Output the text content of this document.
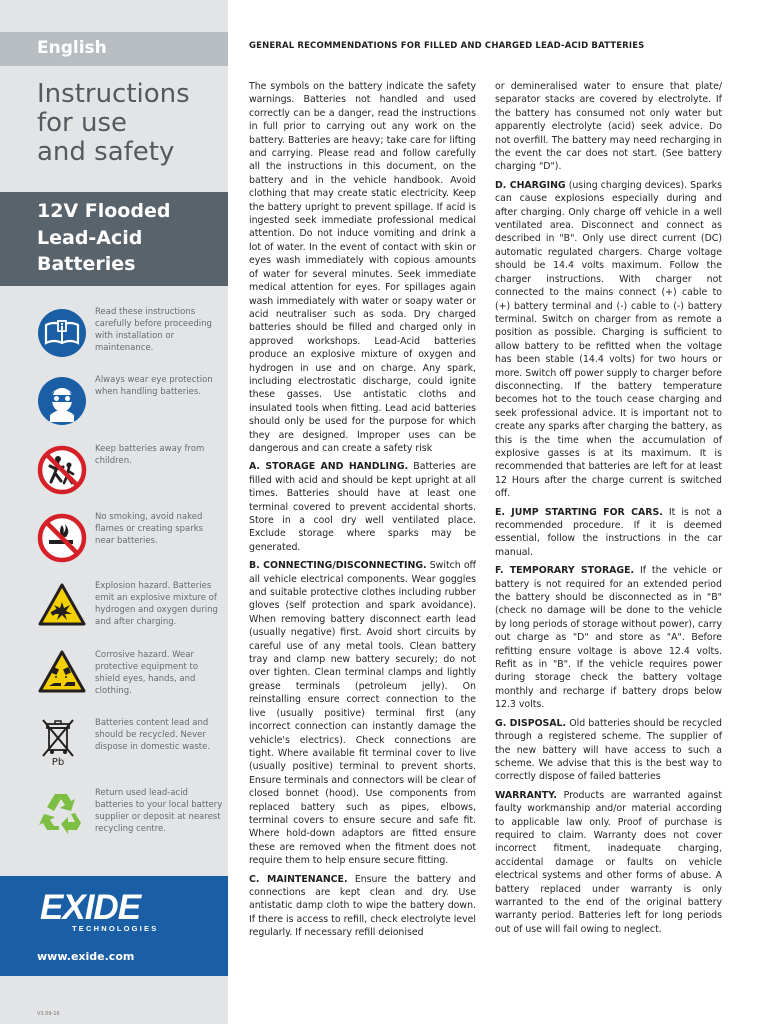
English
Instructions
for use
and safety
12V Flooded
Lead-Acid
Batteries
Read these instructions carefully before proceeding with installation or maintenance.
Always wear eye protection when handling batteries.
Keep batteries away from children.
No smoking, avoid naked flames or creating sparks near batteries.
Explosion hazard. Batteries emit an explosive mixture of hydrogen and oxygen during and after charging.
Corrosive hazard. Wear protective equipment to shield eyes, hands, and clothing.
Pb
Batteries content lead and should be recycled. Never dispose in domestic waste.
Return used lead-acid batteries to your local battery supplier or deposit at nearest recycling centre.
EXIDE
TECHNOLOGIES
www.exide.com
V3.09-16
GENERAL RECOMMENDATIONS FOR FILLED AND CHARGED LEAD-ACID BATTERIES

The symbols on the battery indicate the safety warnings. Batteries not handled and used correctly can be a danger, read the instructions in full prior to carrying out any work on the battery. Batteries are heavy; take care for lifting and carrying. Please read and follow carefully all the instructions in this document, on the battery and in the vehicle handbook. Avoid clothing that may create static electricity. Keep the battery upright to prevent spillage. If acid is ingested seek immediate professional medical attention. Do not induce vomiting and drink a lot of water. In the event of contact with skin or eyes wash immediately with copious amounts of water for several minutes. Seek immediate medical attention for eyes. For spillages again wash immediately with water or soapy water or acid neutraliser such as soda. Dry charged batteries should be filled and charged only in approved workshops. Lead-Acid batteries produce an explosive mixture of oxygen and hydrogen in use and on charge. Any spark, including electrostatic discharge, could ignite these gasses. Use antistatic cloths and insulated tools when fitting. Lead acid batteries should only be used for the purpose for which they are designed. Improper uses can be dangerous and can create a safety risk

A. STORAGE AND HANDLING. Batteries are filled with acid and should be kept upright at all times. Batteries should have at least one terminal covered to prevent accidental shorts. Store in a cool dry well ventilated place. Exclude storage where sparks may be generated.

B. CONNECTING/DISCONNECTING. Switch off all vehicle electrical components. Wear goggles and suitable protective clothes including rubber gloves (self protection and spark avoidance). When removing battery disconnect earth lead (usually negative) first. Avoid short circuits by careful use of any metal tools. Clean battery tray and clamp new battery securely; do not over tighten. Clean terminal clamps and lightly grease terminals (petroleum jelly). On reinstalling ensure correct connection to the live (usually positive) terminal first (any incorrect connection can instantly damage the vehicle's electrics). Check connections are tight. Where available fit terminal cover to live (usually positive) terminal to prevent shorts. Ensure terminals and connectors will be clear of closed bonnet (hood). Use components from replaced battery such as pipes, elbows, terminal covers to ensure secure and safe fit. Where hold-down adaptors are fitted ensure these are removed when the fitment does not require them to help ensure secure fitting.

C. MAINTENANCE. Ensure the battery and connections are kept clean and dry. Use antistatic damp cloth to wipe the battery down. If there is access to refill, check electrolyte level regularly. If necessary refill deionised

or demineralised water to ensure that plate/ separator stacks are covered by electrolyte. If the battery has consumed not only water but apparently electrolyte (acid) seek advice. Do not overfill. The battery may need recharging in the event the car does not start. (See battery charging "D").

D. CHARGING (using charging devices). Sparks can cause explosions especially during and after charging. Only charge off vehicle in a well ventilated area. Disconnect and connect as described in "B". Only use direct current (DC) automatic regulated chargers. Charge voltage should be 14.4 volts maximum. Follow the charger instructions. With charger not connected to the mains connect (+) cable to (+) battery terminal and (-) cable to (-) battery terminal. Switch on charger from as remote a position as possible. Charging is sufficient to allow battery to be refitted when the voltage has been stable (14.4 volts) for two hours or more. Switch off power supply to charger before disconnecting. If the battery temperature becomes hot to the touch cease charging and seek professional advice. It is important not to create any sparks after charging the battery, as this is the time when the accumulation of explosive gasses is at its maximum. It is recommended that batteries are left for at least 12 Hours after the charge current is switched off.

E. JUMP STARTING FOR CARS. It is not a recommended procedure. If it is deemed essential, follow the instructions in the car manual.

F. TEMPORARY STORAGE. If the vehicle or battery is not required for an extended period the battery should be disconnected as in "B" (check no damage will be done to the vehicle by long periods of storage without power), carry out charge as "D" and store as "A". Before refitting ensure voltage is above 12.4 volts. Refit as in "B". If the vehicle requires power during storage check the battery voltage monthly and recharge if battery drops below 12.3 volts.

G. DISPOSAL. Old batteries should be recycled through a registered scheme. The supplier of the new battery will have access to such a scheme. We advise that this is the best way to correctly dispose of failed batteries

WARRANTY. Products are warranted against faulty workmanship and/or material according to applicable law only. Proof of purchase is required to claim. Warranty does not cover incorrect fitment, inadequate charging, accidental damage or faults on vehicle electrical systems and other forms of abuse. A battery replaced under warranty is only warranted to the end of the original battery warranty period. Batteries left for long periods out of use will fail owing to neglect.
